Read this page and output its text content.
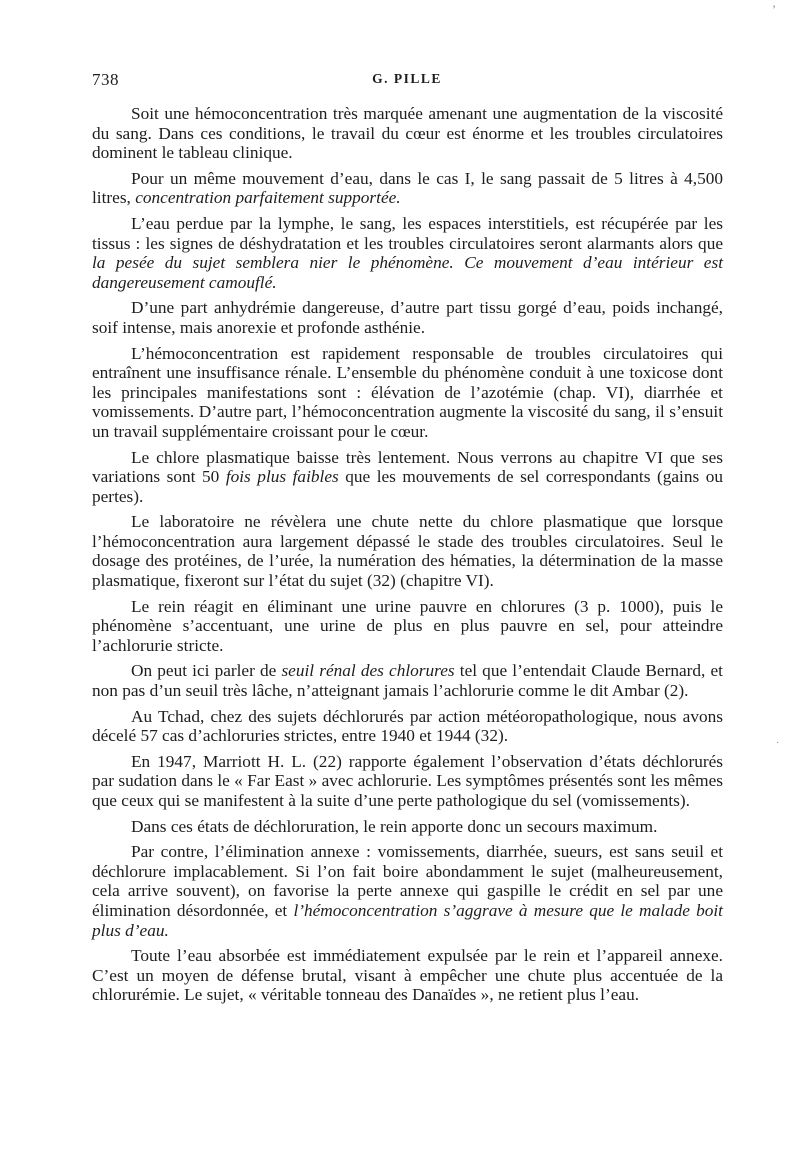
’
738	G. PILLE

Soit une hémoconcentration très marquée amenant une augmentation de la viscosité du sang. Dans ces conditions, le travail du cœur est énorme et les troubles circulatoires dominent le tableau clinique.

Pour un même mouvement d’eau, dans le cas I, le sang passait de 5 litres à 4,500 litres, concentration parfaitement supportée.

L’eau perdue par la lymphe, le sang, les espaces interstitiels, est récupérée par les tissus : les signes de déshydratation et les troubles circulatoires seront alarmants alors que la pesée du sujet semblera nier le phénomène. Ce mouvement d’eau intérieur est dangereusement camouflé.

D’une part anhydrémie dangereuse, d’autre part tissu gorgé d’eau, poids inchangé, soif intense, mais anorexie et profonde asthénie.

L’hémoconcentration est rapidement responsable de troubles circulatoires qui entraînent une insuffisance rénale. L’ensemble du phénomène conduit à une toxicose dont les principales manifestations sont : élévation de l’azotémie (chap. VI), diarrhée et vomissements. D’autre part, l’hémoconcentration augmente la viscosité du sang, il s’ensuit un travail supplémentaire croissant pour le cœur.

Le chlore plasmatique baisse très lentement. Nous verrons au chapitre VI que ses variations sont 50 fois plus faibles que les mouvements de sel correspondants (gains ou pertes).

Le laboratoire ne révèlera une chute nette du chlore plasmatique que lorsque l’hémoconcentration aura largement dépassé le stade des troubles circulatoires. Seul le dosage des protéines, de l’urée, la numération des hématies, la détermination de la masse plasmatique, fixeront sur l’état du sujet (32) (chapitre VI).

Le rein réagit en éliminant une urine pauvre en chlorures (3 p. 1000), puis le phénomène s’accentuant, une urine de plus en plus pauvre en sel, pour atteindre l’achlorurie stricte.

On peut ici parler de seuil rénal des chlorures tel que l’entendait Claude Bernard, et non pas d’un seuil très lâche, n’atteignant jamais l’achlorurie comme le dit Ambar (2).

Au Tchad, chez des sujets déchlorurés par action météoropathologique, nous avons décelé 57 cas d’achloruries strictes, entre 1940 et 1944 (32).

En 1947, Marriott H. L. (22) rapporte également l’observation d’états déchlorurés par sudation dans le « Far East » avec achlorurie. Les symptômes présentés sont les mêmes que ceux qui se manifestent à la suite d’une perte pathologique du sel (vomissements).

Dans ces états de déchloruration, le rein apporte donc un secours maximum.

Par contre, l’élimination annexe : vomissements, diarrhée, sueurs, est sans seuil et déchlorure implacablement. Si l’on fait boire abondamment le sujet (malheureusement, cela arrive souvent), on favorise la perte annexe qui gaspille le crédit en sel par une élimination désordonnée, et l’hémoconcentration s’aggrave à mesure que le malade boit plus d’eau.

Toute l’eau absorbée est immédiatement expulsée par le rein et l’appareil annexe. C’est un moyen de défense brutal, visant à empêcher une chute plus accentuée de la chlorurémie. Le sujet, « véritable tonneau des Danaïdes », ne retient plus l’eau.

·
